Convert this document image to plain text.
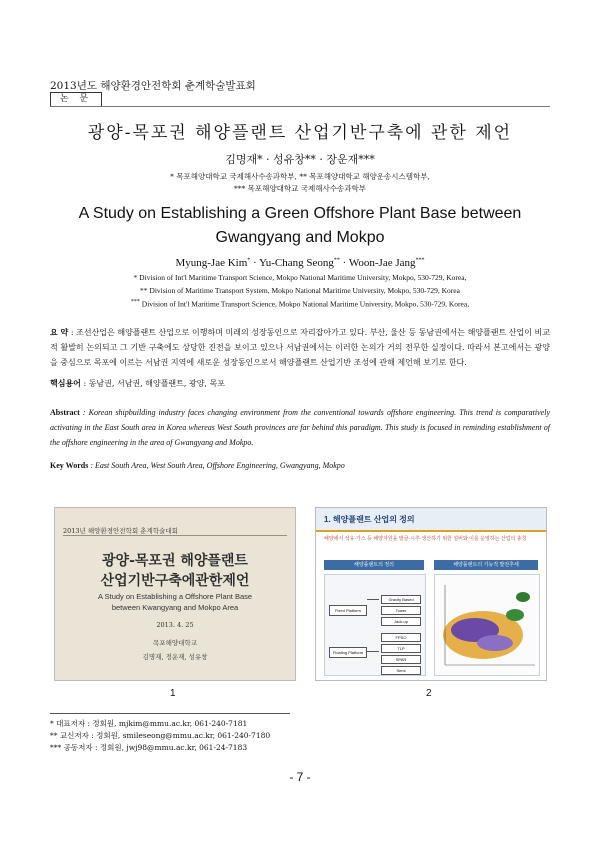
2013년도 해양환경안전학회 춘계학술발표회
논 문
광양-목포권 해양플랜트 산업기반구축에 관한 제언
김명재* · 성유창** · 장운재***
* 목포해양대학교 국제해사수송과학부, ** 목포해양대학교 해양운송시스템학부,
*** 목포해양대학교 국제해사수송과학부
A Study on Establishing a Green Offshore Plant Base between
Gwangyang and Mokpo
Myung-Jae Kim* · Yu-Chang Seong** · Woon-Jae Jang***
* Division of Int'l Maritime Transport Science, Mokpo National Maritime University, Mokpo, 530-729, Korea,
** Division of Maritime Transport System, Mokpo National Maritime University, Mokpo, 530-729, Korea
*** Division of Int'l Maritime Transport Science, Mokpo National Maritime University, Mokpo, 530-729, Korea,
요 약 : 조선산업은 해양플랜트 산업으로 이행하며 미래의 성장동인으로 자리잡아가고 있다. 부산, 울산 등 동남권에서는 해양플랜트 산업이 비교적 활발히 논의되고 그 기반 구축에도 상당한 진전을 보이고 있으나 서남권에서는 이러한 논의가 거의 전무한 실정이다. 따라서 본고에서는 광양을 중심으로 목포에 이르는 서남권 지역에 새로운 성장동인으로서 해양플랜트 산업기반 조성에 관해 제언해 보기로 한다.
핵심용어 : 동남권, 서남권, 해양플랜트, 광양, 목포
Abstract : Korean shipbuilding industry faces changing environment from the conventional towards offshore engineering. This trend is comparatively activating in the East South area in Korea whereas West South provinces are far behind this paradigm. This study is focused in reminding establishment of the offshore engineering in the area of Gwangyang and Mokpo.
Key Words : East South Area, West South Area, Offshore Engineering, Gwangyang, Mokpo
2013년 해양환경안전학회 춘계학술대회
광양-목포권 해양플랜트
산업기반구축에관한제언
A Study on Establishing a Offshore Plant Base
between Kwangyang and Mokpo Area
2013. 4. 25
목포해양대학교
김명재, 정운재, 성유창
1
1. 해양플랜트 산업의 정의
해양에서 석유·가스 등 해양자원을 발굴·시추·생산하기 위한 설비와 이를 운영하는 산업의 총칭
해양플랜트의 정의	해양플랜트의 기능적 발전추세
Fixed Platform
Floating Platform
Gravity Based
Tower
Jack-up
FPSO
TLP
SPAR
Semi
2
* 대표저자 : 정회원, mjkim@mmu.ac.kr, 061-240-7181
** 교신저자 : 정회원, smileseong@mmu.ac.kr, 061-240-7180
*** 공동저자 : 정회원, jwj98@mmu.ac.kr, 061-24-7183
- 7 -
